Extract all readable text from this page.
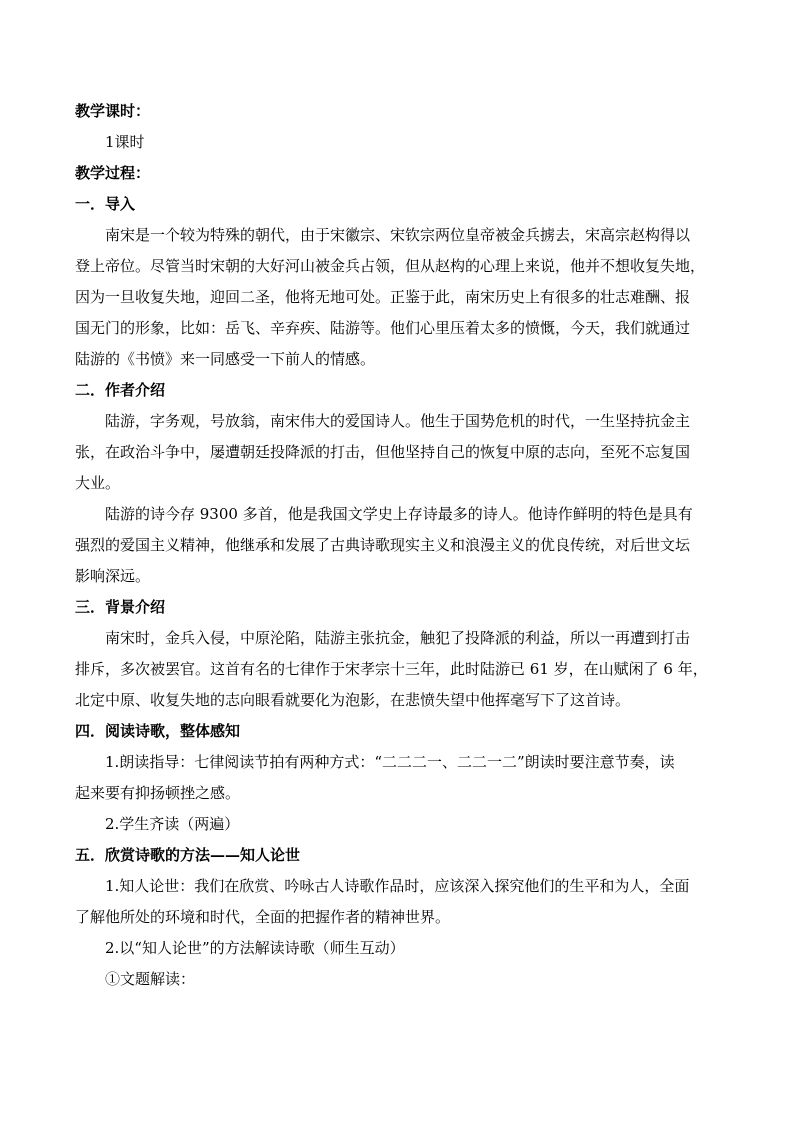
教学课时：

1课时

教学过程：

一．导入

南宋是一个较为特殊的朝代，由于宋徽宗、宋钦宗两位皇帝被金兵掳去，宋高宗赵构得以
登上帝位。尽管当时宋朝的大好河山被金兵占领，但从赵构的心理上来说，他并不想收复失地，
因为一旦收复失地，迎回二圣，他将无地可处。正鉴于此，南宋历史上有很多的壮志难酬、报
国无门的形象，比如：岳飞、辛弃疾、陆游等。他们心里压着太多的愤慨，今天，我们就通过
陆游的《书愤》来一同感受一下前人的情感。

二．作者介绍

陆游，字务观，号放翁，南宋伟大的爱国诗人。他生于国势危机的时代，一生坚持抗金主
张，在政治斗争中，屡遭朝廷投降派的打击，但他坚持自己的恢复中原的志向，至死不忘复国
大业。

陆游的诗今存 9300 多首，他是我国文学史上存诗最多的诗人。他诗作鲜明的特色是具有
强烈的爱国主义精神，他继承和发展了古典诗歌现实主义和浪漫主义的优良传统，对后世文坛
影响深远。

三．背景介绍

南宋时，金兵入侵，中原沦陷，陆游主张抗金，触犯了投降派的利益，所以一再遭到打击
排斥，多次被罢官。这首有名的七律作于宋孝宗十三年，此时陆游已 61 岁，在山赋闲了 6 年，
北定中原、收复失地的志向眼看就要化为泡影，在悲愤失望中他挥毫写下了这首诗。

四．阅读诗歌，整体感知

1.朗读指导：七律阅读节拍有两种方式：“二二二一、二二一二”朗读时要注意节奏，读
起来要有抑扬顿挫之感。

2.学生齐读（两遍）

五．欣赏诗歌的方法——知人论世

1.知人论世：我们在欣赏、吟咏古人诗歌作品时，应该深入探究他们的生平和为人，全面
了解他所处的环境和时代，全面的把握作者的精神世界。

2.以“知人论世”的方法解读诗歌（师生互动）

①文题解读：
